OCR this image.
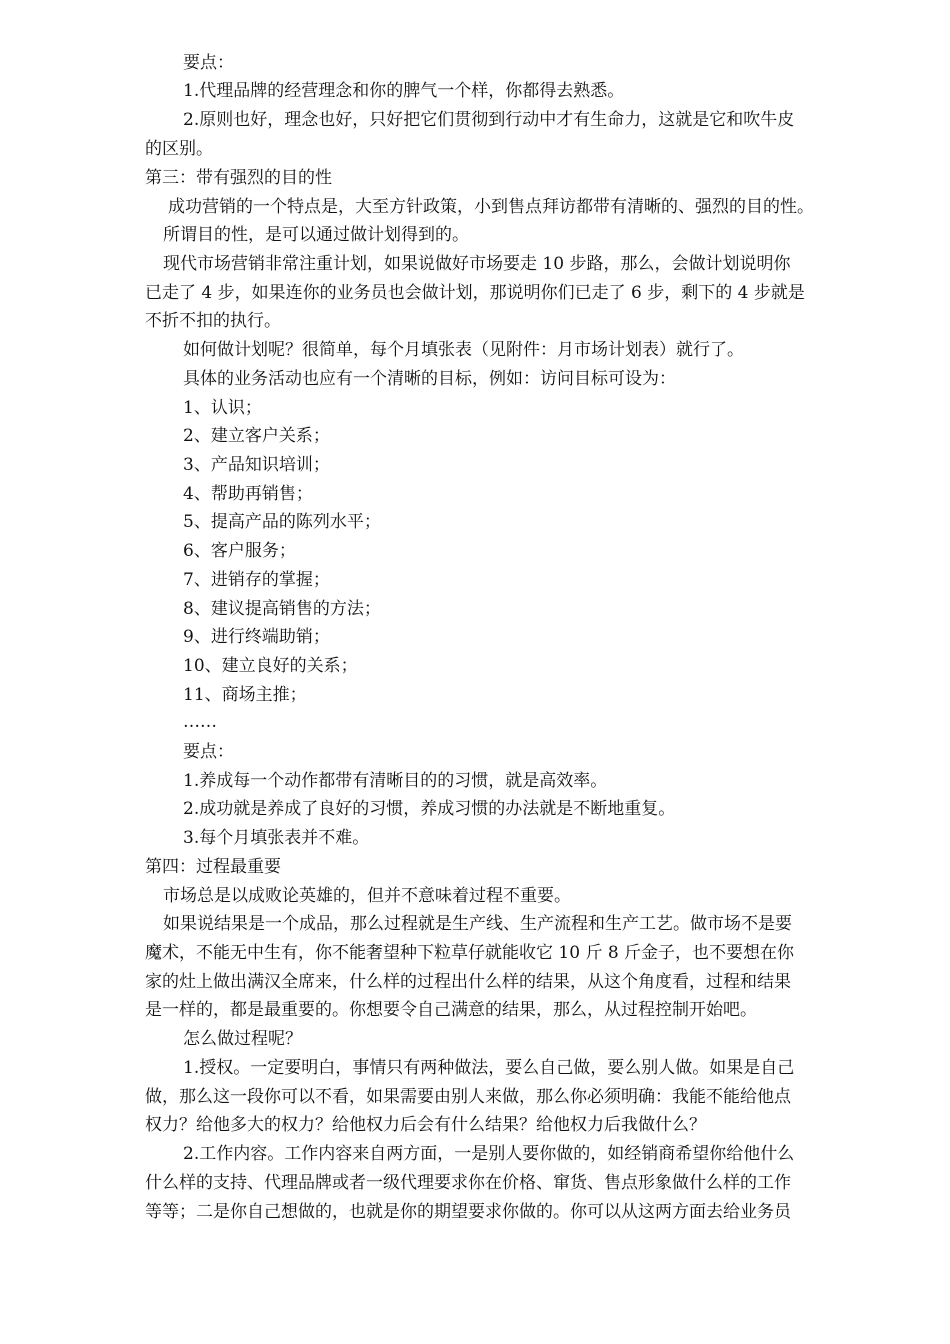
要点：
1.代理品牌的经营理念和你的脾气一个样，你都得去熟悉。
2.原则也好，理念也好，只好把它们贯彻到行动中才有生命力，这就是它和吹牛皮
的区别。
第三：带有强烈的目的性
成功营销的一个特点是，大至方针政策，小到售点拜访都带有清晰的、强烈的目的性。
所谓目的性，是可以通过做计划得到的。
现代市场营销非常注重计划，如果说做好市场要走 10 步路，那么，会做计划说明你
已走了 4 步，如果连你的业务员也会做计划，那说明你们已走了 6 步，剩下的 4 步就是
不折不扣的执行。
如何做计划呢？很简单，每个月填张表（见附件：月市场计划表）就行了。
具体的业务活动也应有一个清晰的目标，例如：访问目标可设为：
1、认识；
2、建立客户关系；
3、产品知识培训；
4、帮助再销售；
5、提高产品的陈列水平；
6、客户服务；
7、进销存的掌握；
8、建议提高销售的方法；
9、进行终端助销；
10、建立良好的关系；
11、商场主推；
……
要点：
1.养成每一个动作都带有清晰目的的习惯，就是高效率。
2.成功就是养成了良好的习惯，养成习惯的办法就是不断地重复。
3.每个月填张表并不难。
第四：过程最重要
市场总是以成败论英雄的，但并不意味着过程不重要。
如果说结果是一个成品，那么过程就是生产线、生产流程和生产工艺。做市场不是要
魔术，不能无中生有，你不能奢望种下粒草仔就能收它 10 斤 8 斤金子，也不要想在你
家的灶上做出满汉全席来，什么样的过程出什么样的结果，从这个角度看，过程和结果
是一样的，都是最重要的。你想要令自己满意的结果，那么，从过程控制开始吧。
怎么做过程呢？
1.授权。一定要明白，事情只有两种做法，要么自己做，要么别人做。如果是自己
做，那么这一段你可以不看，如果需要由别人来做，那么你必须明确：我能不能给他点
权力？给他多大的权力？给他权力后会有什么结果？给他权力后我做什么？
2.工作内容。工作内容来自两方面，一是别人要你做的，如经销商希望你给他什么
什么样的支持、代理品牌或者一级代理要求你在价格、窜货、售点形象做什么样的工作
等等；二是你自己想做的，也就是你的期望要求你做的。你可以从这两方面去给业务员
